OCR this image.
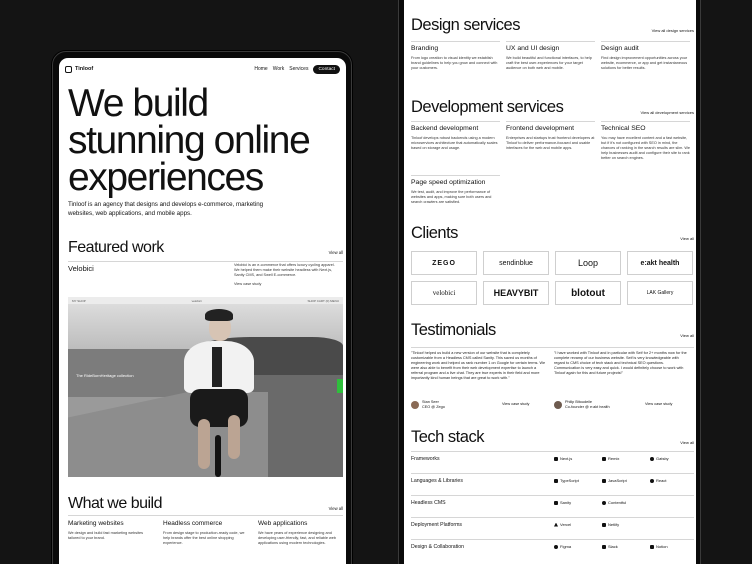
Tinloof	Home Work Services	Contact
We build stunning online experiences

Tinloof is an agency that designs and develops e-commerce, marketing websites, web applications, and mobile apps.

Featured work	View all
Velobici	Velobici is an e-commerce that offers luxury cycling apparel. We helped them make their website headless with Next.js, Sanity CMS, and Swell E-commerce.
View case study
MY SHOP	velobici	SHOP CART (0) MENU
The RideBornHeritage collection
What we build	View all
Marketing websites
We design and build fast marketing websites tailored to your brand.
Headless commerce
From design stage to production-ready code, we help brands offer the best online shopping experience.
Web applications
We have years of experience designing and developing user-friendly, fast, and reliable web applications using modern technologies.
Design services	View all design services
Branding
From logo creation to visual identity we establish brand guidelines to help you grow and connect with your customers.
UX and UI design
We build beautiful and functional interfaces, to help craft the best user-experiences for your target audience on both web and mobile.
Design audit
Find design improvement opportunities across your website, ecommerce, or app and get instantaneous solutions for better results.
Development services	View all development services
Backend development
Tinloof develops robust backends using a modern microservices architecture that automatically scales based on storage and usage.
Frontend development
Enterprises and startups trust frontend developers at Tinloof to deliver performance-focused and usable interfaces for the web and mobile apps.
Technical SEO
You may have excellent content and a fast website, but if it's not configured with SEO in mind, the chances of ranking in the search results are slim. We help businesses audit and configure their site to rank better on search engines.
Page speed optimization
We test, audit, and improve the performance of websites and apps, making sure both users and search crawlers are satisfied.
Clients	View all
ZEGO	sendinblue	Loop	e:akt health
velobici	HEAVYBIT	blotout	LAK Gallery
Testimonials	View all
"Tinloof helped us build a new version of our website that is completely customizable from a Headless CMS called Sanity. This saved us months of engineering work and helped us rank number 1 on Google for certain terms. We were also able to benefit from their web development expertise to launch a referral program and a live chat. They are true experts in their field and more importantly kind human beings that are great to work with."
"I have worked with Tinloof and in particular with Seif for 2+ months now for the complete revamp of our business website. Seif is very knowledgeable with regard to CMS choice of tech stack and technical SEO questions. Communication is very easy and quick. I would definitely choose to work with Tinloof again for this and future projects!"
Stan Seer
CEO @ Zego
View case study	Philip Bitoudeile
Co-founder @ e:akt health
View case study
Tech stack	View all
Frameworks	Next.js	Remix	Gatsby
Languages & Libraries	TypeScript	JavaScript	React
Headless CMS	Sanity	Contentful
Deployment Platforms	Vercel	Netlify
Design & Collaboration	Figma	Slack	Notion
